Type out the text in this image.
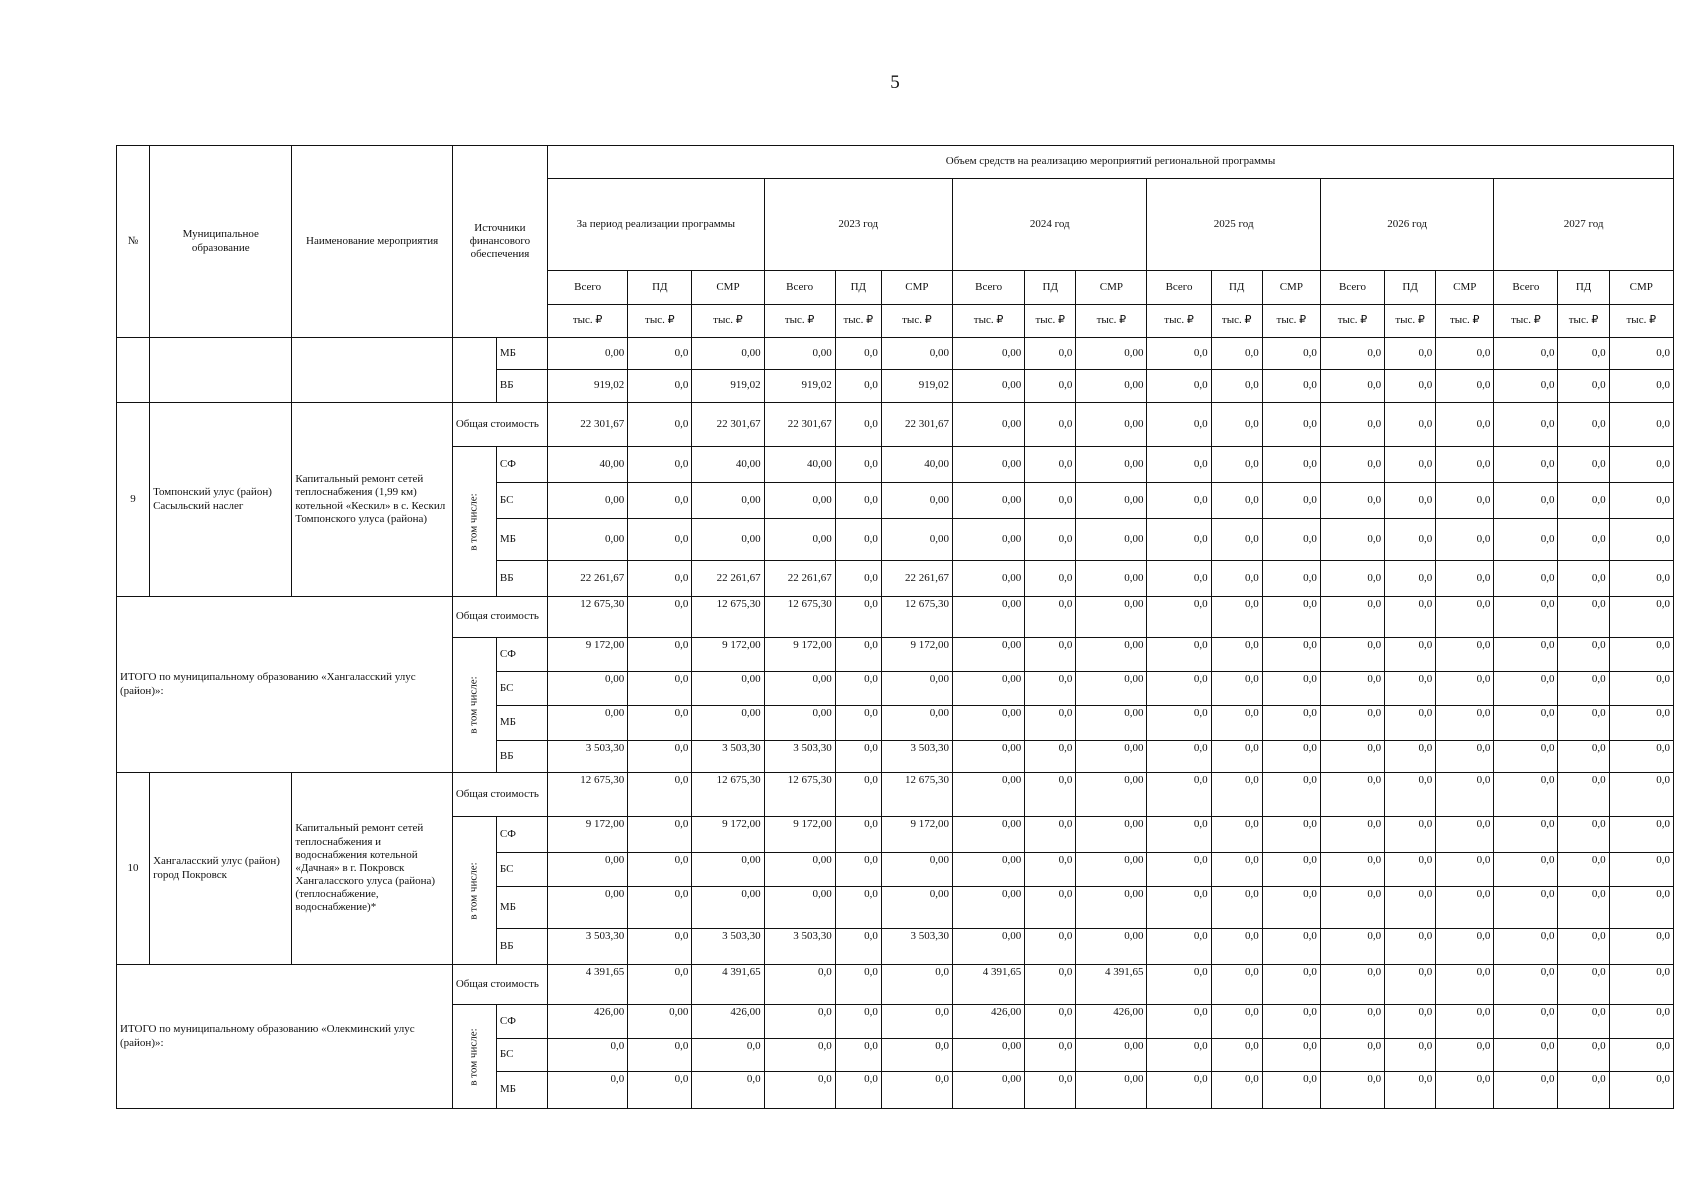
5
№	Муниципальное образование	Наименование мероприятия	Источники финансового обеспечения		Объем средств на реализацию мероприятий региональной программы																	
					За период реализации программы			2023 год			2024 год			2025 год			2026 год			2027 год		
					Всего	ПД	СМР	Всего	ПД	СМР	Всего	ПД	СМР	Всего	ПД	СМР	Всего	ПД	СМР	Всего	ПД	СМР
					тыс. ₽	тыс. ₽	тыс. ₽	тыс. ₽	тыс. ₽	тыс. ₽	тыс. ₽	тыс. ₽	тыс. ₽	тыс. ₽	тыс. ₽	тыс. ₽	тыс. ₽	тыс. ₽	тыс. ₽	тыс. ₽	тыс. ₽	тыс. ₽
				МБ	0,00	0,0	0,00	0,00	0,0	0,00	0,00	0,0	0,00	0,0	0,0	0,0	0,0	0,0	0,0	0,0	0,0	0,0
				ВБ	919,02	0,0	919,02	919,02	0,0	919,02	0,00	0,0	0,00	0,0	0,0	0,0	0,0	0,0	0,0	0,0	0,0	0,0
9	Томпонский улус (район) Сасыльский наслег	Капитальный ремонт сетей теплоснабжения (1,99 км) котельной «Кескил» в с. Кескил Томпонского улуса (района)	Общая стоимость		22 301,67	0,0	22 301,67	22 301,67	0,0	22 301,67	0,00	0,0	0,00	0,0	0,0	0,0	0,0	0,0	0,0	0,0	0,0	0,0

			в том числе:	СФ	40,00	0,0	40,00	40,00	0,0	40,00	0,00	0,0	0,00	0,0	0,0	0,0	0,0	0,0	0,0	0,0	0,0	0,0
				БС	0,00	0,0	0,00	0,00	0,0	0,00	0,00	0,0	0,00	0,0	0,0	0,0	0,0	0,0	0,0	0,0	0,0	0,0
				МБ	0,00	0,0	0,00	0,00	0,0	0,00	0,00	0,0	0,00	0,0	0,0	0,0	0,0	0,0	0,0	0,0	0,0	0,0
				ВБ	22 261,67	0,0	22 261,67	22 261,67	0,0	22 261,67	0,00	0,0	0,00	0,0	0,0	0,0	0,0	0,0	0,0	0,0	0,0	0,0
ИТОГО по муниципальному образованию «Хангаласский улус (район)»:			Общая стоимость		12 675,30	0,0	12 675,30	12 675,30	0,0	12 675,30	0,00	0,0	0,00	0,0	0,0	0,0	0,0	0,0	0,0	0,0	0,0	0,0

			в том числе:	СФ	9 172,00	0,0	9 172,00	9 172,00	0,0	9 172,00	0,00	0,0	0,00	0,0	0,0	0,0	0,0	0,0	0,0	0,0	0,0	0,0
				БС	0,00	0,0	0,00	0,00	0,0	0,00	0,00	0,0	0,00	0,0	0,0	0,0	0,0	0,0	0,0	0,0	0,0	0,0
				МБ	0,00	0,0	0,00	0,00	0,0	0,00	0,00	0,0	0,00	0,0	0,0	0,0	0,0	0,0	0,0	0,0	0,0	0,0
				ВБ	3 503,30	0,0	3 503,30	3 503,30	0,0	3 503,30	0,00	0,0	0,00	0,0	0,0	0,0	0,0	0,0	0,0	0,0	0,0	0,0
10	Хангаласский улус (район) город Покровск	Капитальный ремонт сетей теплоснабжения и водоснабжения котельной «Дачная» в г. Покровск Хангаласского улуса (района)(теплоснабжение, водоснабжение)*	Общая стоимость		12 675,30	0,0	12 675,30	12 675,30	0,0	12 675,30	0,00	0,0	0,00	0,0	0,0	0,0	0,0	0,0	0,0	0,0	0,0	0,0

			в том числе:	СФ	9 172,00	0,0	9 172,00	9 172,00	0,0	9 172,00	0,00	0,0	0,00	0,0	0,0	0,0	0,0	0,0	0,0	0,0	0,0	0,0
				БС	0,00	0,0	0,00	0,00	0,0	0,00	0,00	0,0	0,00	0,0	0,0	0,0	0,0	0,0	0,0	0,0	0,0	0,0
				МБ	0,00	0,0	0,00	0,00	0,0	0,00	0,00	0,0	0,00	0,0	0,0	0,0	0,0	0,0	0,0	0,0	0,0	0,0
				ВБ	3 503,30	0,0	3 503,30	3 503,30	0,0	3 503,30	0,00	0,0	0,00	0,0	0,0	0,0	0,0	0,0	0,0	0,0	0,0	0,0
ИТОГО по муниципальному образованию «Олекминский улус (район)»:			Общая стоимость		4 391,65	0,0	4 391,65	0,0	0,0	0,0	4 391,65	0,0	4 391,65	0,0	0,0	0,0	0,0	0,0	0,0	0,0	0,0	0,0

			в том числе:	СФ	426,00	0,00	426,00	0,0	0,0	0,0	426,00	0,0	426,00	0,0	0,0	0,0	0,0	0,0	0,0	0,0	0,0	0,0
				БС	0,0	0,0	0,0	0,0	0,0	0,0	0,00	0,0	0,00	0,0	0,0	0,0	0,0	0,0	0,0	0,0	0,0	0,0
				МБ	0,0	0,0	0,0	0,0	0,0	0,0	0,00	0,0	0,00	0,0	0,0	0,0	0,0	0,0	0,0	0,0	0,0	0,0
